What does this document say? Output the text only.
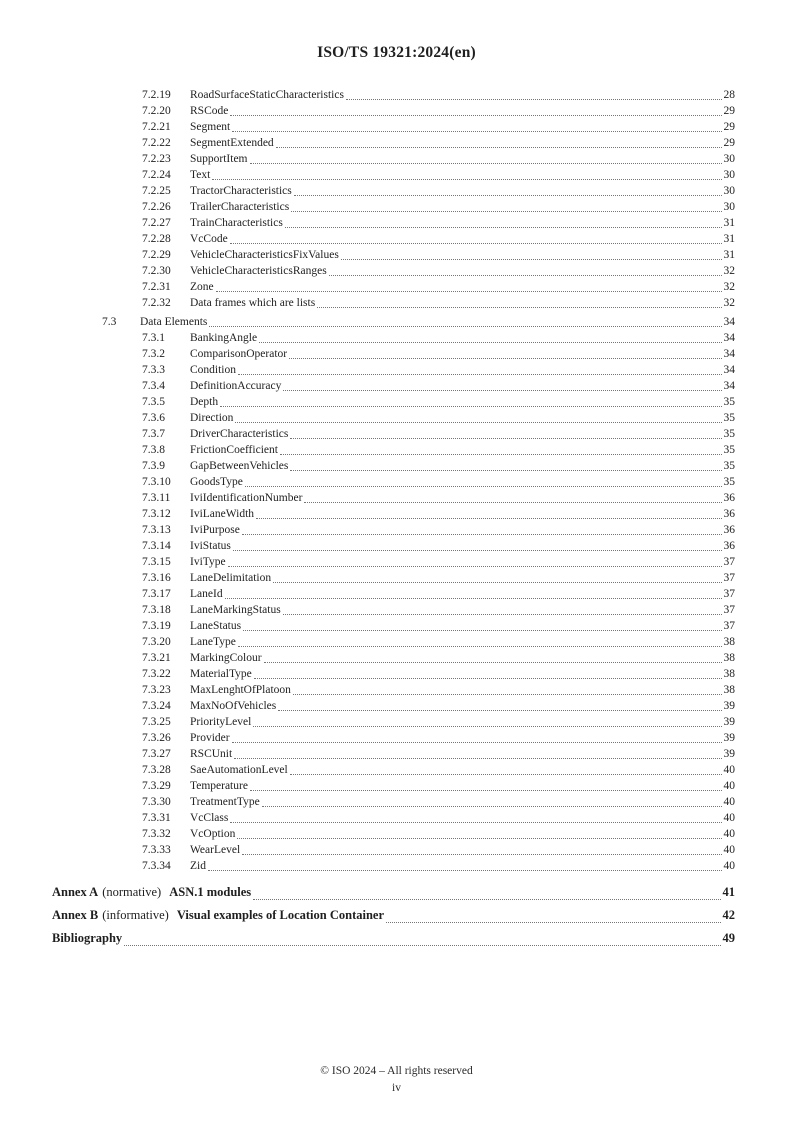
ISO/TS 19321:2024(en)
7.2.19	RoadSurfaceStaticCharacteristics	28
7.2.20	RSCode	29
7.2.21	Segment	29
7.2.22	SegmentExtended	29
7.2.23	SupportItem	30
7.2.24	Text	30
7.2.25	TractorCharacteristics	30
7.2.26	TrailerCharacteristics	30
7.2.27	TrainCharacteristics	31
7.2.28	VcCode	31
7.2.29	VehicleCharacteristicsFixValues	31
7.2.30	VehicleCharacteristicsRanges	32
7.2.31	Zone	32
7.2.32	Data frames which are lists	32
7.3	Data Elements	34
7.3.1	BankingAngle	34
7.3.2	ComparisonOperator	34
7.3.3	Condition	34
7.3.4	DefinitionAccuracy	34
7.3.5	Depth	35
7.3.6	Direction	35
7.3.7	DriverCharacteristics	35
7.3.8	FrictionCoefficient	35
7.3.9	GapBetweenVehicles	35
7.3.10	GoodsType	35
7.3.11	IviIdentificationNumber	36
7.3.12	IviLaneWidth	36
7.3.13	IviPurpose	36
7.3.14	IviStatus	36
7.3.15	IviType	37
7.3.16	LaneDelimitation	37
7.3.17	LaneId	37
7.3.18	LaneMarkingStatus	37
7.3.19	LaneStatus	37
7.3.20	LaneType	38
7.3.21	MarkingColour	38
7.3.22	MaterialType	38
7.3.23	MaxLenghtOfPlatoon	38
7.3.24	MaxNoOfVehicles	39
7.3.25	PriorityLevel	39
7.3.26	Provider	39
7.3.27	RSCUnit	39
7.3.28	SaeAutomationLevel	40
7.3.29	Temperature	40
7.3.30	TreatmentType	40
7.3.31	VcClass	40
7.3.32	VcOption	40
7.3.33	WearLevel	40
7.3.34	Zid	40
Annex A (normative) ASN.1 modules	41
Annex B (informative) Visual examples of Location Container	42
Bibliography	49
© ISO 2024 – All rights reserved
iv
